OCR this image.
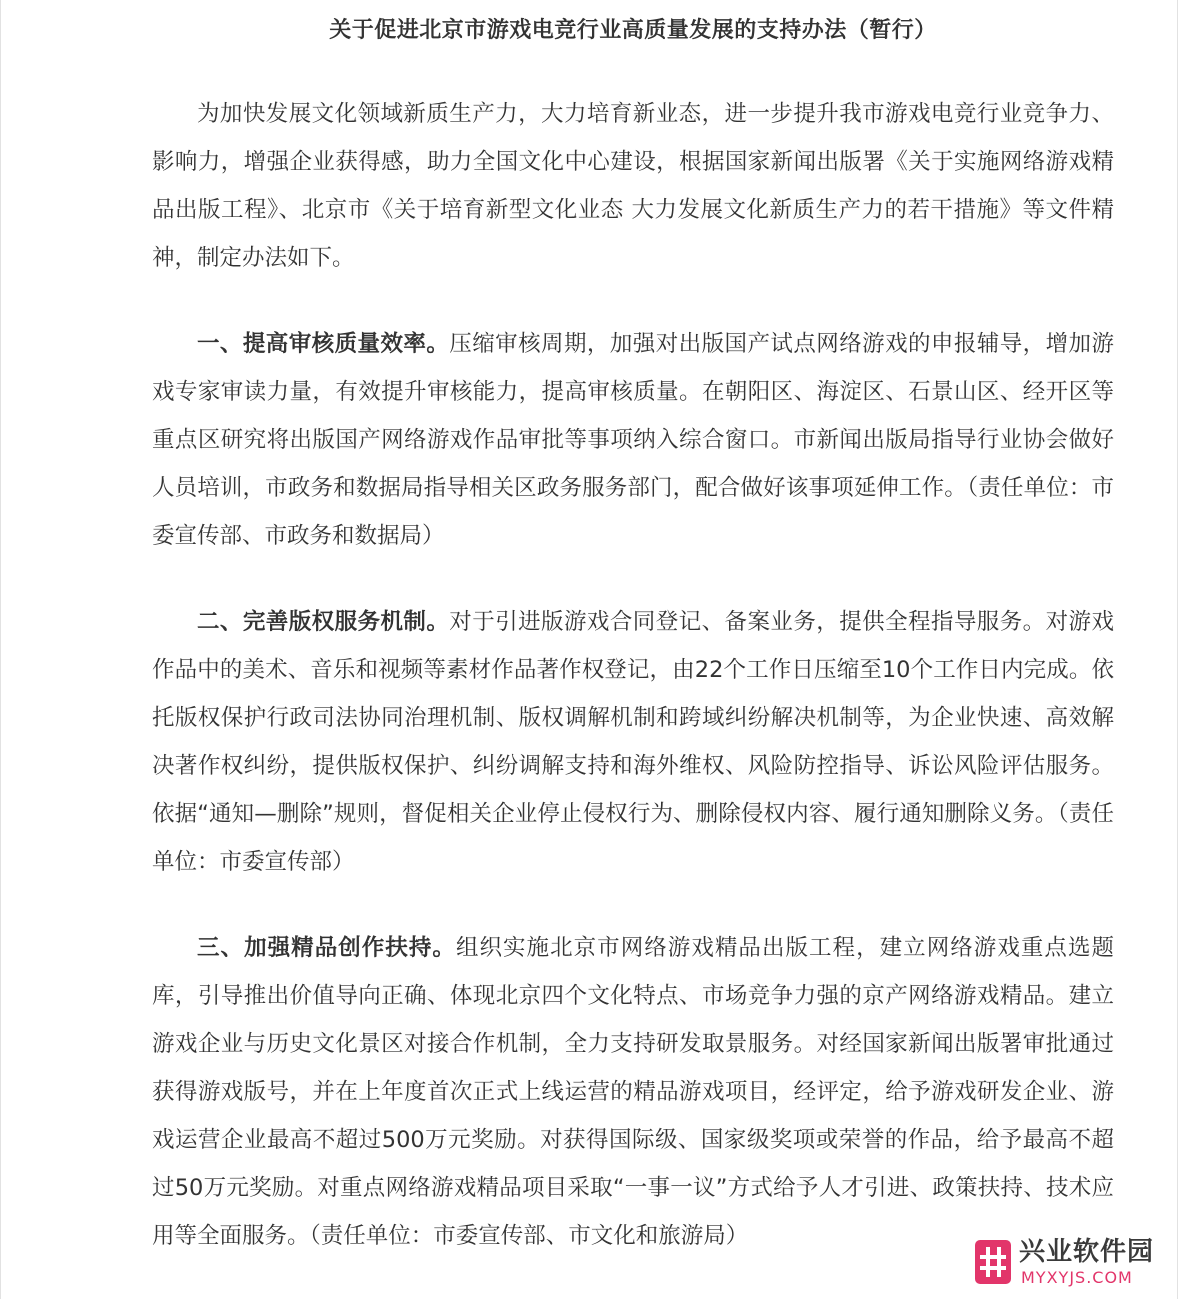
关于促进北京市游戏电竞行业高质量发展的支持办法（暂行）

为加快发展文化领域新质生产力，大力培育新业态，进一步提升我市游戏电竞行业竞争力、影响力，增强企业获得感，助力全国文化中心建设，根据国家新闻出版署《关于实施网络游戏精品出版工程》、北京市《关于培育新型文化业态 大力发展文化新质生产力的若干措施》等文件精神，制定办法如下。

一、提高审核质量效率。压缩审核周期，加强对出版国产试点网络游戏的申报辅导，增加游戏专家审读力量，有效提升审核能力，提高审核质量。在朝阳区、海淀区、石景山区、经开区等重点区研究将出版国产网络游戏作品审批等事项纳入综合窗口。市新闻出版局指导行业协会做好人员培训，市政务和数据局指导相关区政务服务部门，配合做好该事项延伸工作。（责任单位：市委宣传部、市政务和数据局）

二、完善版权服务机制。对于引进版游戏合同登记、备案业务，提供全程指导服务。对游戏作品中的美术、音乐和视频等素材作品著作权登记，由22个工作日压缩至10个工作日内完成。依托版权保护行政司法协同治理机制、版权调解机制和跨域纠纷解决机制等，为企业快速、高效解决著作权纠纷，提供版权保护、纠纷调解支持和海外维权、风险防控指导、诉讼风险评估服务。依据“通知—删除”规则，督促相关企业停止侵权行为、删除侵权内容、履行通知删除义务。（责任单位：市委宣传部）

三、加强精品创作扶持。组织实施北京市网络游戏精品出版工程，建立网络游戏重点选题库，引导推出价值导向正确、体现北京四个文化特点、市场竞争力强的京产网络游戏精品。建立游戏企业与历史文化景区对接合作机制，全力支持研发取景服务。对经国家新闻出版署审批通过获得游戏版号，并在上年度首次正式上线运营的精品游戏项目，经评定，给予游戏研发企业、游戏运营企业最高不超过500万元奖励。对获得国际级、国家级奖项或荣誉的作品，给予最高不超过50万元奖励。对重点网络游戏精品项目采取“一事一议”方式给予人才引进、政策扶持、技术应用等全面服务。（责任单位：市委宣传部、市文化和旅游局）

兴业软件园
MYXYJS.COM
